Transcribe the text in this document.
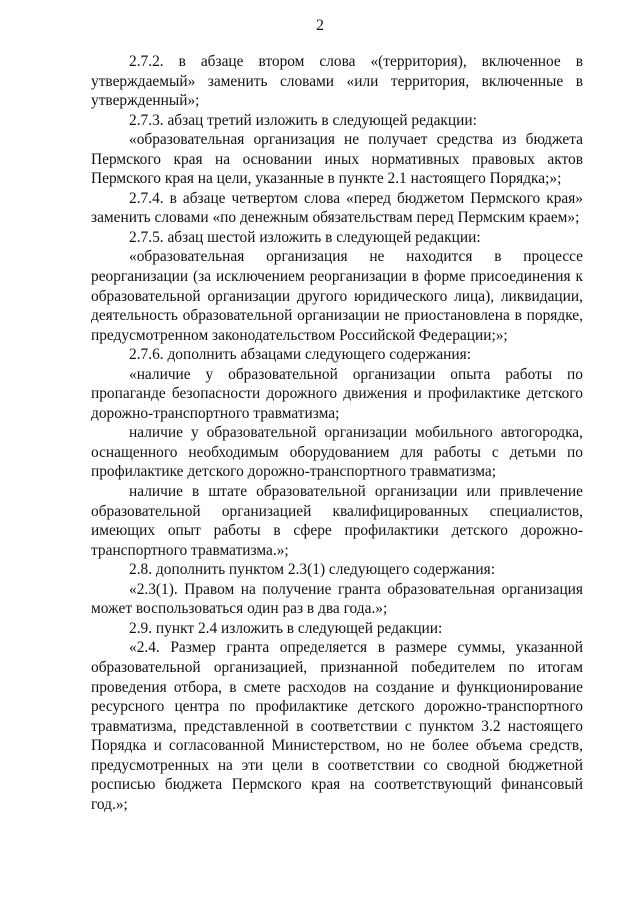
2

2.7.2. в абзаце втором слова «(территория), включенное в утверждаемый» заменить словами «или территория, включенные в утвержденный»;

2.7.3. абзац третий изложить в следующей редакции:

«образовательная организация не получает средства из бюджета Пермского края на основании иных нормативных правовых актов Пермского края на цели, указанные в пункте 2.1 настоящего Порядка;»;

2.7.4. в абзаце четвертом слова «перед бюджетом Пермского края» заменить словами «по денежным обязательствам перед Пермским краем»;

2.7.5. абзац шестой изложить в следующей редакции:

«образовательная организация не находится в процессе реорганизации (за исключением реорганизации в форме присоединения к образовательной организации другого юридического лица), ликвидации, деятельность образовательной организации не приостановлена в порядке, предусмотренном законодательством Российской Федерации;»;

2.7.6. дополнить абзацами следующего содержания:

«наличие у образовательной организации опыта работы по пропаганде безопасности дорожного движения и профилактике детского дорожно-транспортного травматизма;

наличие у образовательной организации мобильного автогородка, оснащенного необходимым оборудованием для работы с детьми по профилактике детского дорожно-транспортного травматизма;

наличие в штате образовательной организации или привлечение образовательной организацией квалифицированных специалистов, имеющих опыт работы в сфере профилактики детского дорожно-транспортного травматизма.»;

2.8. дополнить пунктом 2.3(1) следующего содержания:

«2.3(1). Правом на получение гранта образовательная организация может воспользоваться один раз в два года.»;

2.9. пункт 2.4 изложить в следующей редакции:

«2.4. Размер гранта определяется в размере суммы, указанной образовательной организацией, признанной победителем по итогам проведения отбора, в смете расходов на создание и функционирование ресурсного центра по профилактике детского дорожно-транспортного травматизма, представленной в соответствии с пунктом 3.2 настоящего Порядка и согласованной Министерством, но не более объема средств, предусмотренных на эти цели в соответствии со сводной бюджетной росписью бюджета Пермского края на соответствующий финансовый год.»;
